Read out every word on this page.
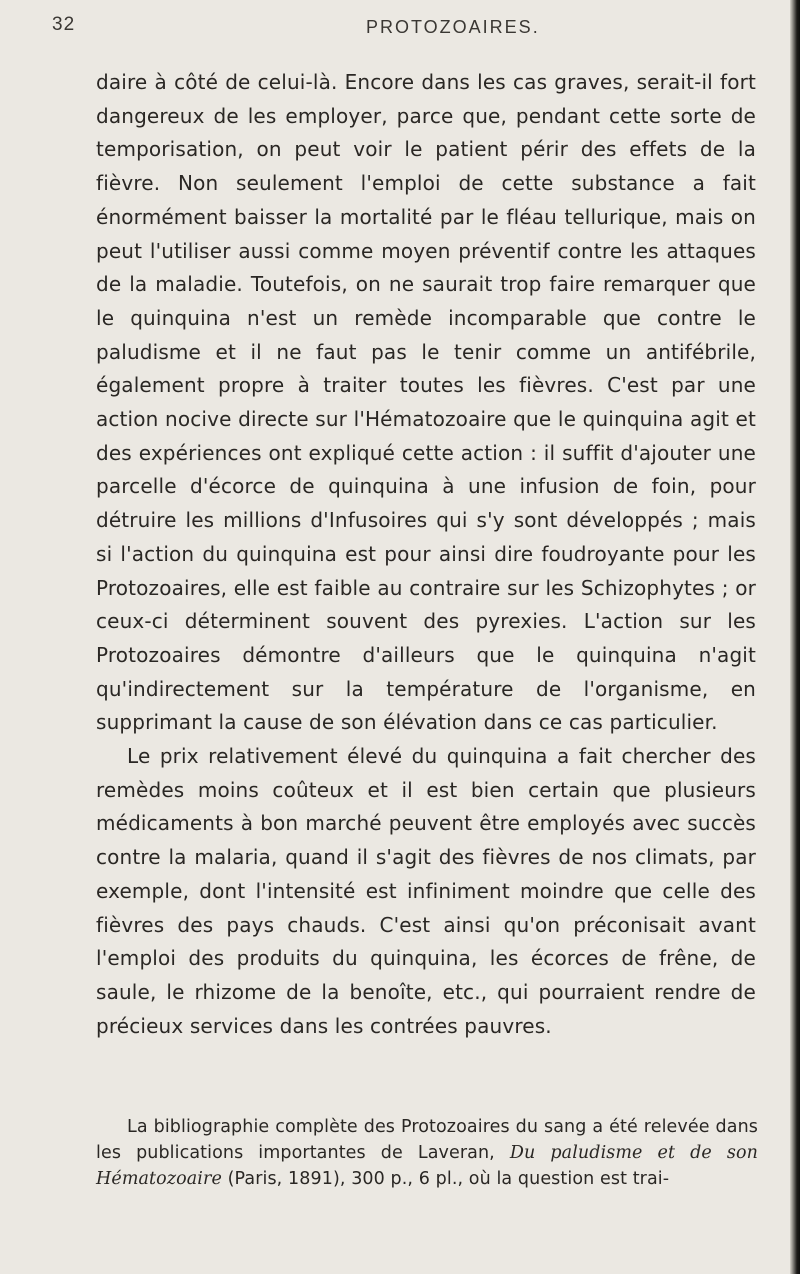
32	PROTOZOAIRES.

daire à côté de celui-là. Encore dans les cas graves, serait-il fort dangereux de les employer, parce que, pendant cette sorte de temporisation, on peut voir le patient périr des effets de la fièvre. Non seulement l'emploi de cette substance a fait énormément baisser la mortalité par le fléau tellurique, mais on peut l'utiliser aussi comme moyen préventif contre les attaques de la maladie. Toutefois, on ne saurait trop faire remarquer que le quinquina n'est un remède incomparable que contre le paludisme et il ne faut pas le tenir comme un antifébrile, également propre à traiter toutes les fièvres. C'est par une action nocive directe sur l'Hématozoaire que le quinquina agit et des expériences ont expliqué cette action : il suffit d'ajouter une parcelle d'écorce de quinquina à une infusion de foin, pour détruire les millions d'Infusoires qui s'y sont développés ; mais si l'action du quinquina est pour ainsi dire foudroyante pour les Protozoaires, elle est faible au contraire sur les Schizophytes ; or ceux-ci déterminent souvent des pyrexies. L'action sur les Protozoaires démontre d'ailleurs que le quinquina n'agit qu'indirectement sur la température de l'organisme, en supprimant la cause de son élévation dans ce cas particulier.

Le prix relativement élevé du quinquina a fait chercher des remèdes moins coûteux et il est bien certain que plusieurs médicaments à bon marché peuvent être employés avec succès contre la malaria, quand il s'agit des fièvres de nos climats, par exemple, dont l'intensité est infiniment moindre que celle des fièvres des pays chauds. C'est ainsi qu'on préconisait avant l'emploi des produits du quinquina, les écorces de frêne, de saule, le rhizome de la benoîte, etc., qui pourraient rendre de précieux services dans les contrées pauvres.

La bibliographie complète des Protozoaires du sang a été relevée dans les publications importantes de Laveran, Du paludisme et de son Hématozoaire (Paris, 1891), 300 p., 6 pl., où la question est trai-
